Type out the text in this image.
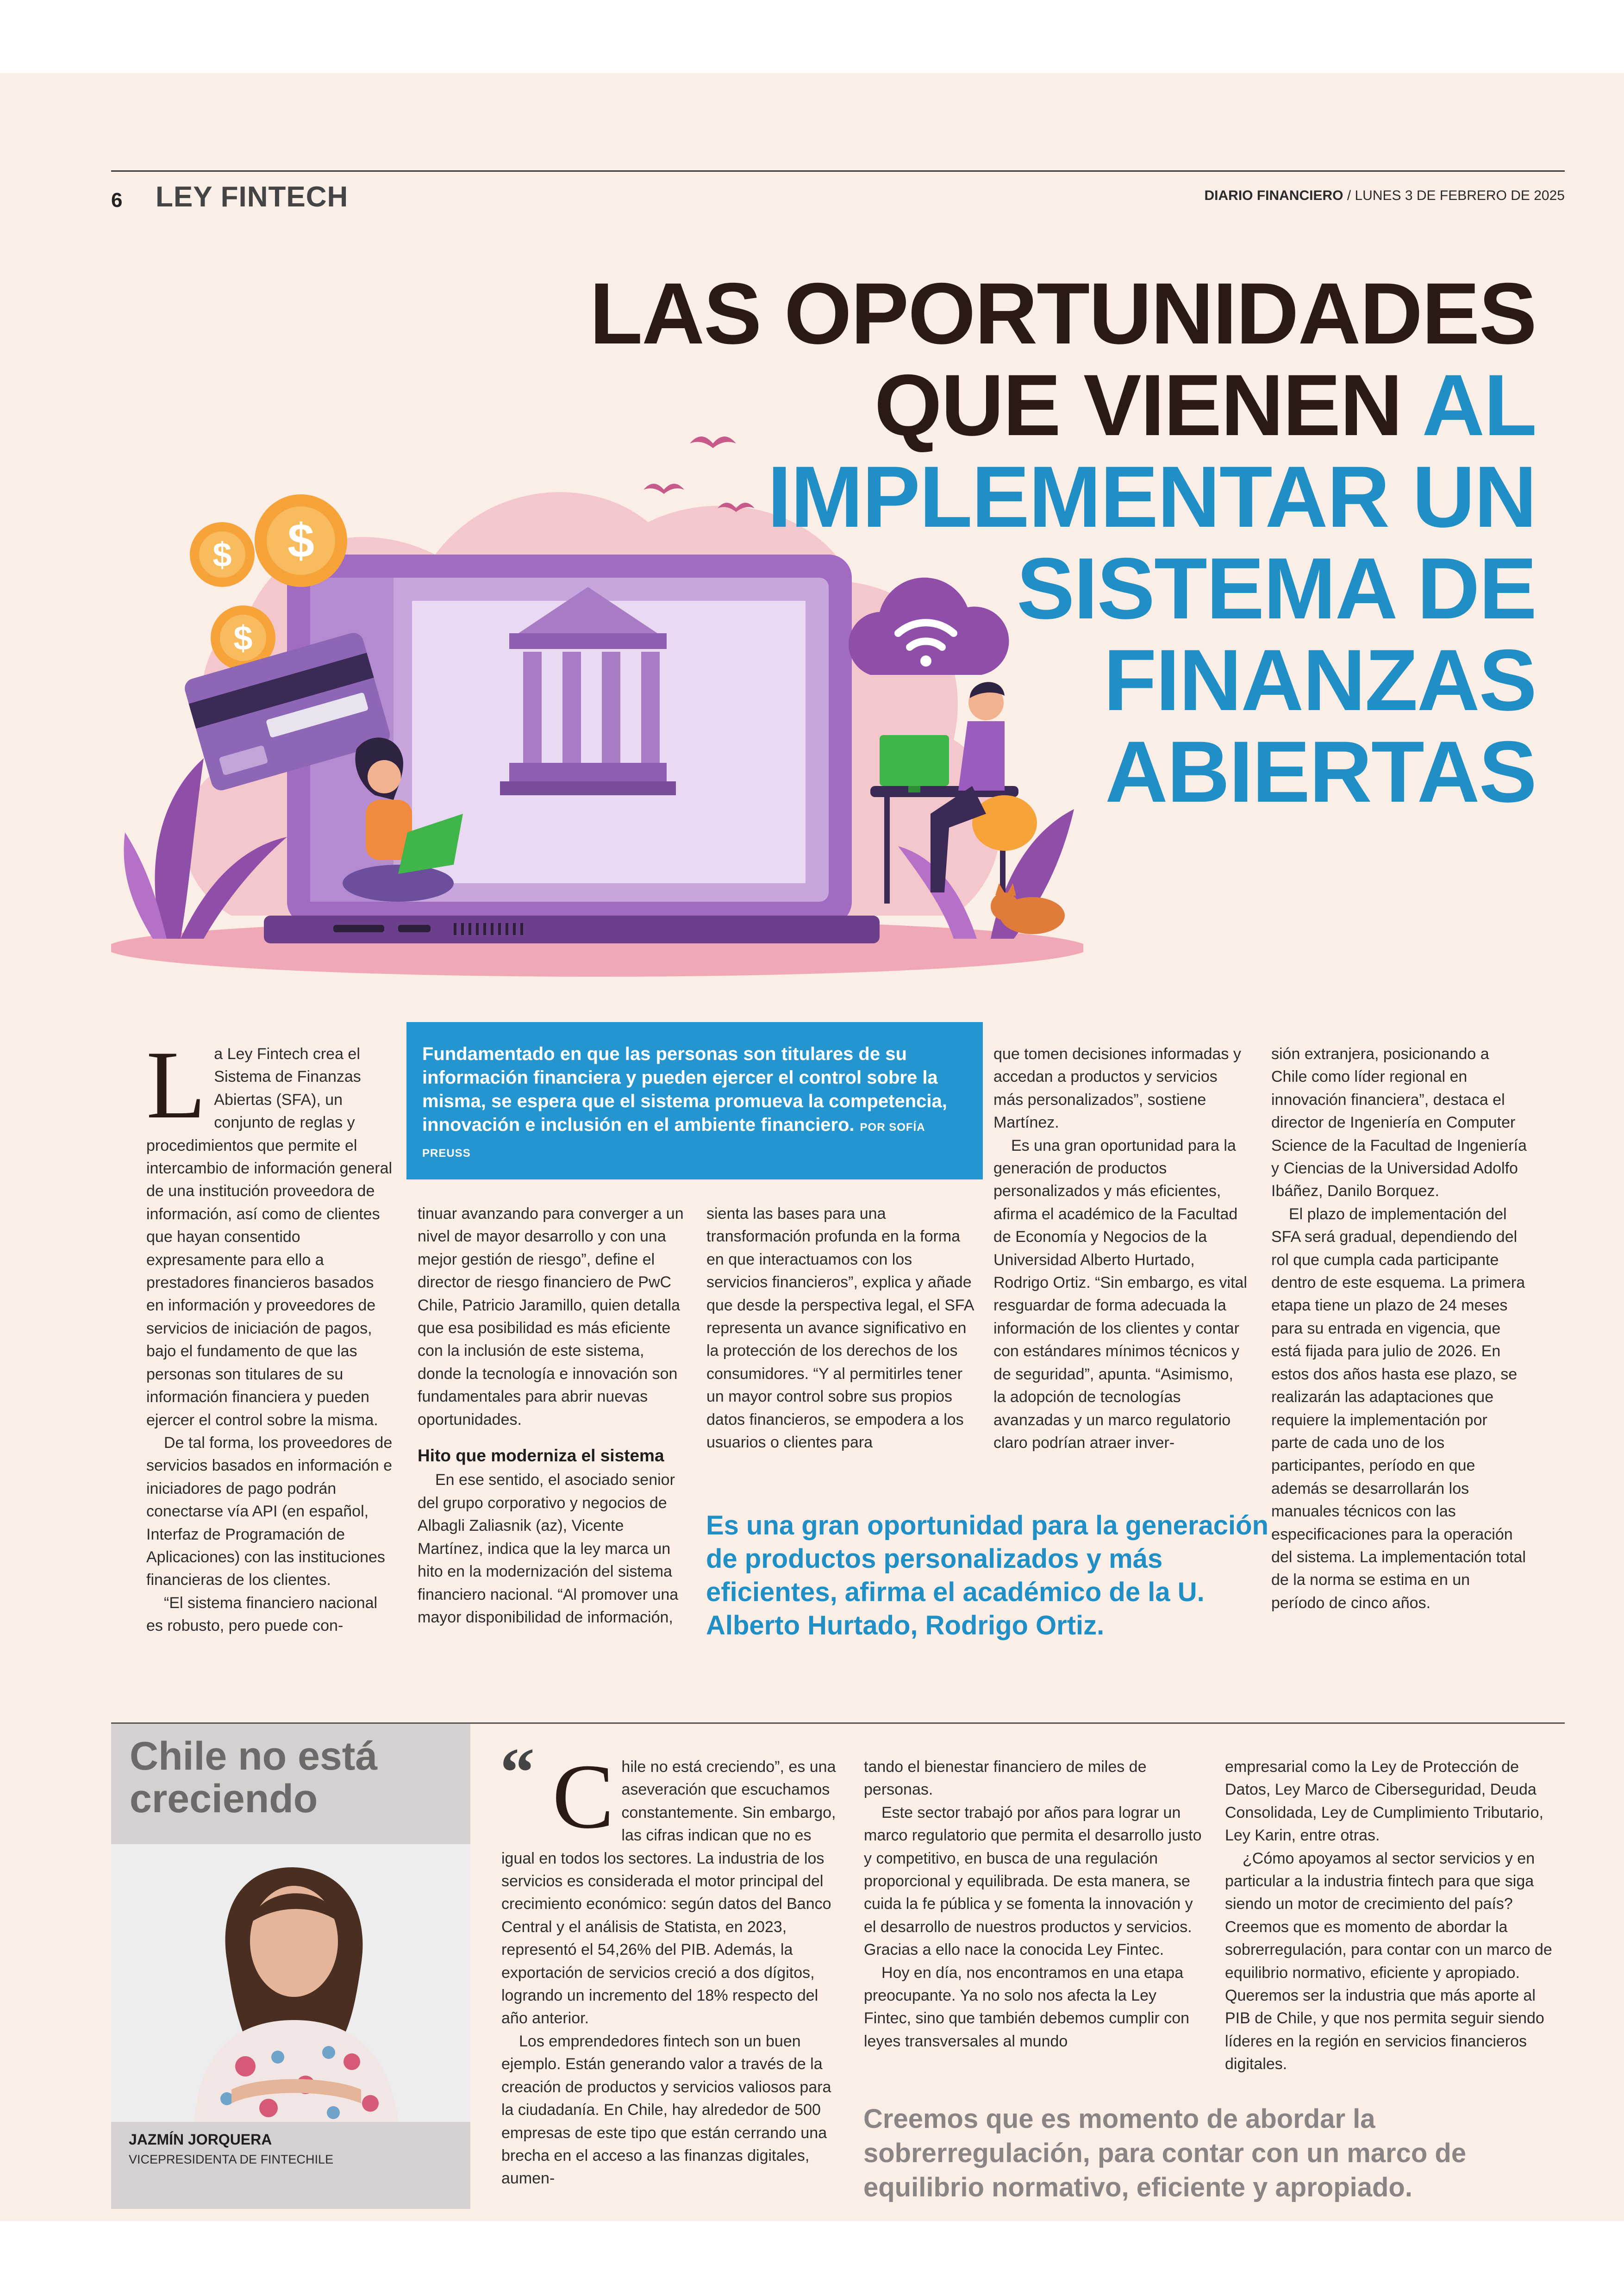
6 LEY FINTECH	DIARIO FINANCIERO / LUNES 3 DE FEBRERO DE 2025
$ $
$
LAS OPORTUNIDADES
QUE VIENEN AL
IMPLEMENTAR UN
SISTEMA DE
FINANZAS
ABIERTAS
Fundamentado en que las personas son titulares de su información financiera y pueden ejercer el control sobre la misma, se espera que el sistema promueva la competencia, innovación e inclusión en el ambiente financiero. POR SOFÍA PREUSS
L a Ley Fintech crea el Sistema de Finanzas Abiertas (SFA), un conjunto de reglas y procedimientos que permite el intercambio de información general de una institución proveedora de información, así como de clientes que hayan consentido expresamente para ello a prestadores financieros basados en información y proveedores de servicios de iniciación de pagos, bajo el fundamento de que las personas son titulares de su información financiera y pueden ejercer el control sobre la misma.

De tal forma, los proveedores de servicios basados en información e iniciadores de pago podrán conectarse vía API (en español, Interfaz de Programación de Aplicaciones) con las instituciones financieras de los clientes.

“El sistema financiero nacional es robusto, pero puede con-

tinuar avanzando para converger a un nivel de mayor desarrollo y con una mejor gestión de riesgo”, define el director de riesgo financiero de PwC Chile, Patricio Jaramillo, quien detalla que esa posibilidad es más eficiente con la inclusión de este sistema, donde la tecnología e innovación son fundamentales para abrir nuevas oportunidades.

Hito que moderniza el sistema

En ese sentido, el asociado senior del grupo corporativo y negocios de Albagli Zaliasnik (az), Vicente Martínez, indica que la ley marca un hito en la modernización del sistema financiero nacional. “Al promover una mayor disponibilidad de información,

sienta las bases para una transformación profunda en la forma en que interactuamos con los servicios financieros”, explica y añade que desde la perspectiva legal, el SFA representa un avance significativo en la protección de los derechos de los consumidores. “Y al permitirles tener un mayor control sobre sus propios datos financieros, se empodera a los usuarios o clientes para

que tomen decisiones informadas y accedan a productos y servicios más personalizados”, sostiene Martínez.

Es una gran oportunidad para la generación de productos personalizados y más eficientes, afirma el académico de la Facultad de Economía y Negocios de la Universidad Alberto Hurtado, Rodrigo Ortiz. “Sin embargo, es vital resguardar de forma adecuada la información de los clientes y contar con estándares mínimos técnicos y de seguridad”, apunta. “Asimismo, la adopción de tecnologías avanzadas y un marco regulatorio claro podrían atraer inver-

sión extranjera, posicionando a Chile como líder regional en innovación financiera”, destaca el director de Ingeniería en Computer Science de la Facultad de Ingeniería y Ciencias de la Universidad Adolfo Ibáñez, Danilo Borquez.

El plazo de implementación del SFA será gradual, dependiendo del rol que cumpla cada participante dentro de este esquema. La primera etapa tiene un plazo de 24 meses para su entrada en vigencia, que está fijada para julio de 2026. En estos dos años hasta ese plazo, se realizarán las adaptaciones que requiere la implementación por parte de cada uno de los participantes, período en que además se desarrollarán los manuales técnicos con las especificaciones para la operación del sistema. La implementación total de la norma se estima en un período de cinco años.

Es una gran oportunidad para la generación de productos personalizados y más eficientes, afirma el académico de la U. Alberto Hurtado, Rodrigo Ortiz.
Chile no está
creciendo
JAZMÍN JORQUERA
VICEPRESIDENTA DE FINTECHILE
“ C hile no está creciendo”, es una aseveración que escuchamos constantemente. Sin embargo, las cifras indican que no es igual en todos los sectores. La industria de los servicios es considerada el motor principal del crecimiento económico: según datos del Banco Central y el análisis de Statista, en 2023, representó el 54,26% del PIB. Además, la exportación de servicios creció a dos dígitos, logrando un incremento del 18% respecto del año anterior.

Los emprendedores fintech son un buen ejemplo. Están generando valor a través de la creación de productos y servicios valiosos para la ciudadanía. En Chile, hay alrededor de 500 empresas de este tipo que están cerrando una brecha en el acceso a las finanzas digitales, aumen-

tando el bienestar financiero de miles de personas.

Este sector trabajó por años para lograr un marco regulatorio que permita el desarrollo justo y competitivo, en busca de una regulación proporcional y equilibrada. De esta manera, se cuida la fe pública y se fomenta la innovación y el desarrollo de nuestros productos y servicios. Gracias a ello nace la conocida Ley Fintec.

Hoy en día, nos encontramos en una etapa preocupante. Ya no solo nos afecta la Ley Fintec, sino que también debemos cumplir con leyes transversales al mundo

empresarial como la Ley de Protección de Datos, Ley Marco de Ciberseguridad, Deuda Consolidada, Ley de Cumplimiento Tributario, Ley Karin, entre otras.

¿Cómo apoyamos al sector servicios y en particular a la industria fintech para que siga siendo un motor de crecimiento del país? Creemos que es momento de abordar la sobrerregulación, para contar con un marco de equilibrio normativo, eficiente y apropiado. Queremos ser la industria que más aporte al PIB de Chile, y que nos permita seguir siendo líderes en la región en servicios financieros digitales.

Creemos que es momento de abordar la sobrerregulación, para contar con un marco de equilibrio normativo, eficiente y apropiado.
